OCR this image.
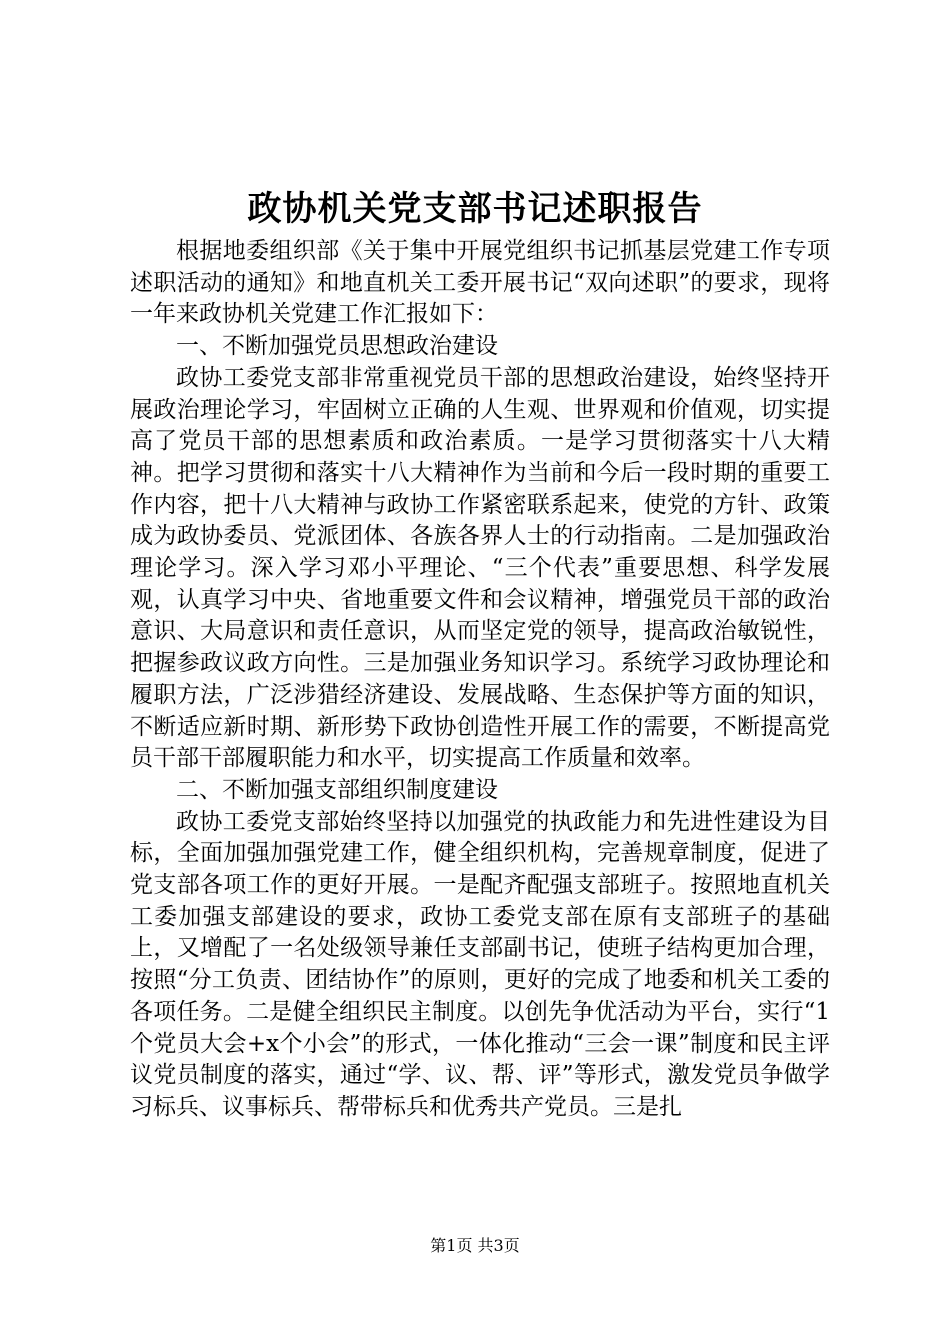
政协机关党支部书记述职报告

根据地委组织部《关于集中开展党组织书记抓基层党建工作专项述职活动的通知》和地直机关工委开展书记“双向述职”的要求，现将一年来政协机关党建工作汇报如下：

一、不断加强党员思想政治建设

政协工委党支部非常重视党员干部的思想政治建设，始终坚持开展政治理论学习，牢固树立正确的人生观、世界观和价值观，切实提高了党员干部的思想素质和政治素质。一是学习贯彻落实十八大精神。把学习贯彻和落实十八大精神作为当前和今后一段时期的重要工作内容，把十八大精神与政协工作紧密联系起来，使党的方针、政策成为政协委员、党派团体、各族各界人士的行动指南。二是加强政治理论学习。深入学习邓小平理论、“三个代表”重要思想、科学发展观，认真学习中央、省地重要文件和会议精神，增强党员干部的政治意识、大局意识和责任意识，从而坚定党的领导，提高政治敏锐性，把握参政议政方向性。三是加强业务知识学习。系统学习政协理论和履职方法，广泛涉猎经济建设、发展战略、生态保护等方面的知识，不断适应新时期、新形势下政协创造性开展工作的需要，不断提高党员干部干部履职能力和水平，切实提高工作质量和效率。

二、不断加强支部组织制度建设

政协工委党支部始终坚持以加强党的执政能力和先进性建设为目标，全面加强加强党建工作，健全组织机构，完善规章制度，促进了党支部各项工作的更好开展。一是配齐配强支部班子。按照地直机关工委加强支部建设的要求，政协工委党支部在原有支部班子的基础上，又增配了一名处级领导兼任支部副书记，使班子结构更加合理，按照“分工负责、团结协作”的原则，更好的完成了地委和机关工委的各项任务。二是健全组织民主制度。以创先争优活动为平台，实行“1个党员大会+x个小会”的形式，一体化推动“三会一课”制度和民主评议党员制度的落实，通过“学、议、帮、评”等形式，激发党员争做学习标兵、议事标兵、帮带标兵和优秀共产党员。三是扎

第1页 共3页
